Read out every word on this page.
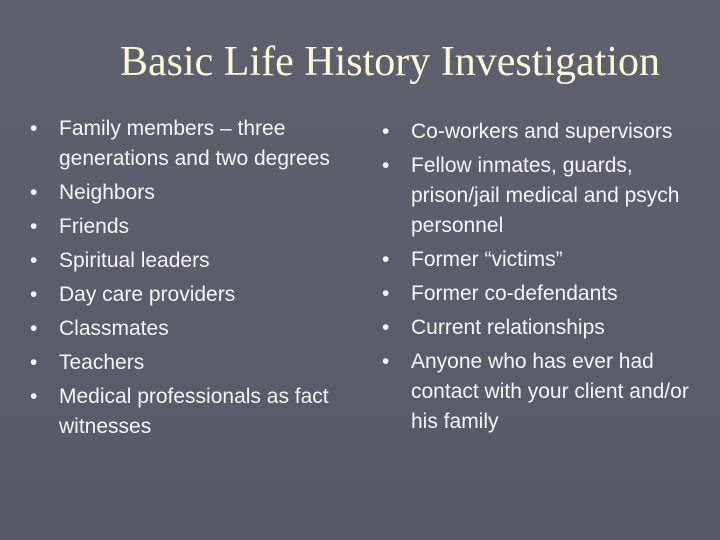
Basic Life History Investigation
• Family members – three generations and two degrees
• Neighbors
• Friends
• Spiritual leaders
• Day care providers
• Classmates
• Teachers
• Medical professionals as fact witnesses
• Co-workers and supervisors
• Fellow inmates, guards, prison/jail medical and psych personnel
• Former “victims”
• Former co-defendants
• Current relationships
• Anyone who has ever had contact with your client and/or his family
